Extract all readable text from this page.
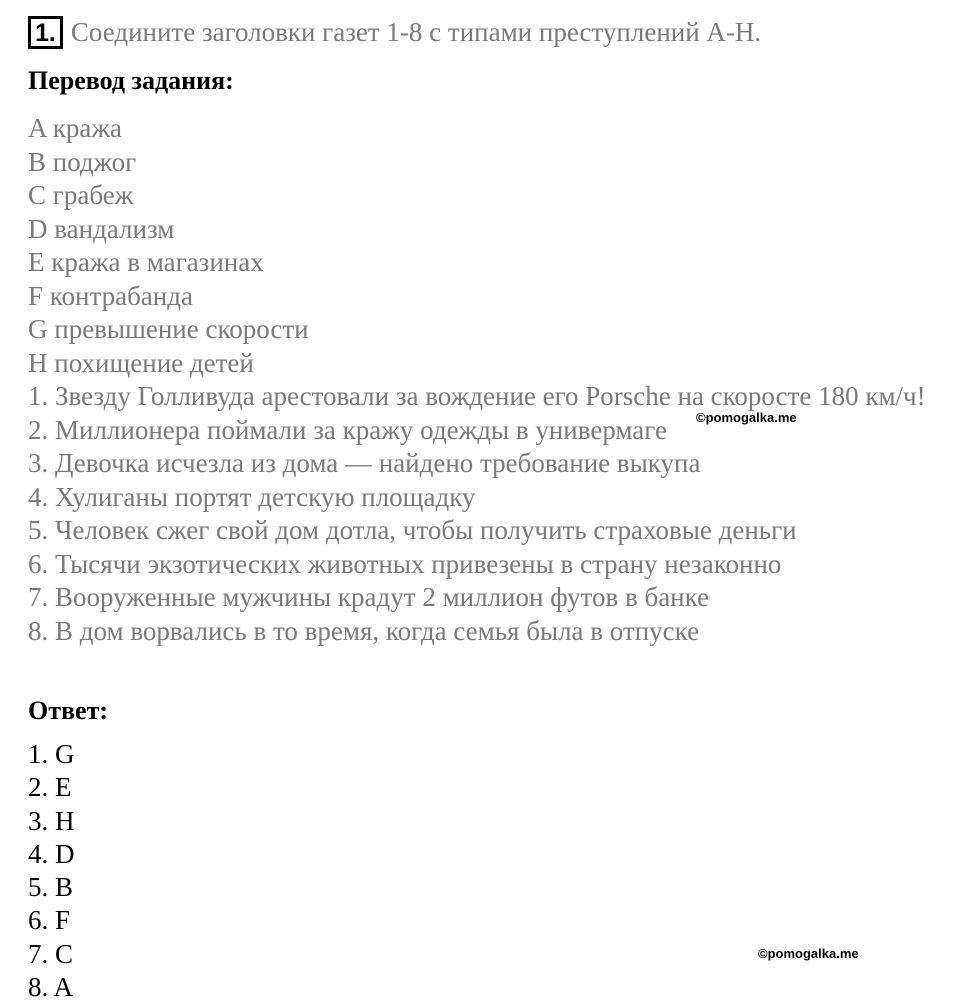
1. Соедините заголовки газет 1-8 с типами преступлений A-H.
Перевод задания:
A кража
B поджог
C грабеж
D вандализм
E кража в магазинах
F контрабанда
G превышение скорости
H похищение детей
1. Звезду Голливуда арестовали за вождение его Porsche на скоросте 180 км/ч!
2. Миллионера поймали за кражу одежды в универмаге
3. Девочка исчезла из дома — найдено требование выкупа
4. Хулиганы портят детскую площадку
5. Человек сжег свой дом дотла, чтобы получить страховые деньги
6. Тысячи экзотических животных привезены в страну незаконно
7. Вооруженные мужчины крадут 2 миллион футов в банке
8. В дом ворвались в то время, когда семья была в отпуске
Ответ:
1. G
2. E
3. H
4. D
5. B
6. F
7. C
8. A
©pomogalka.me
©pomogalka.me
